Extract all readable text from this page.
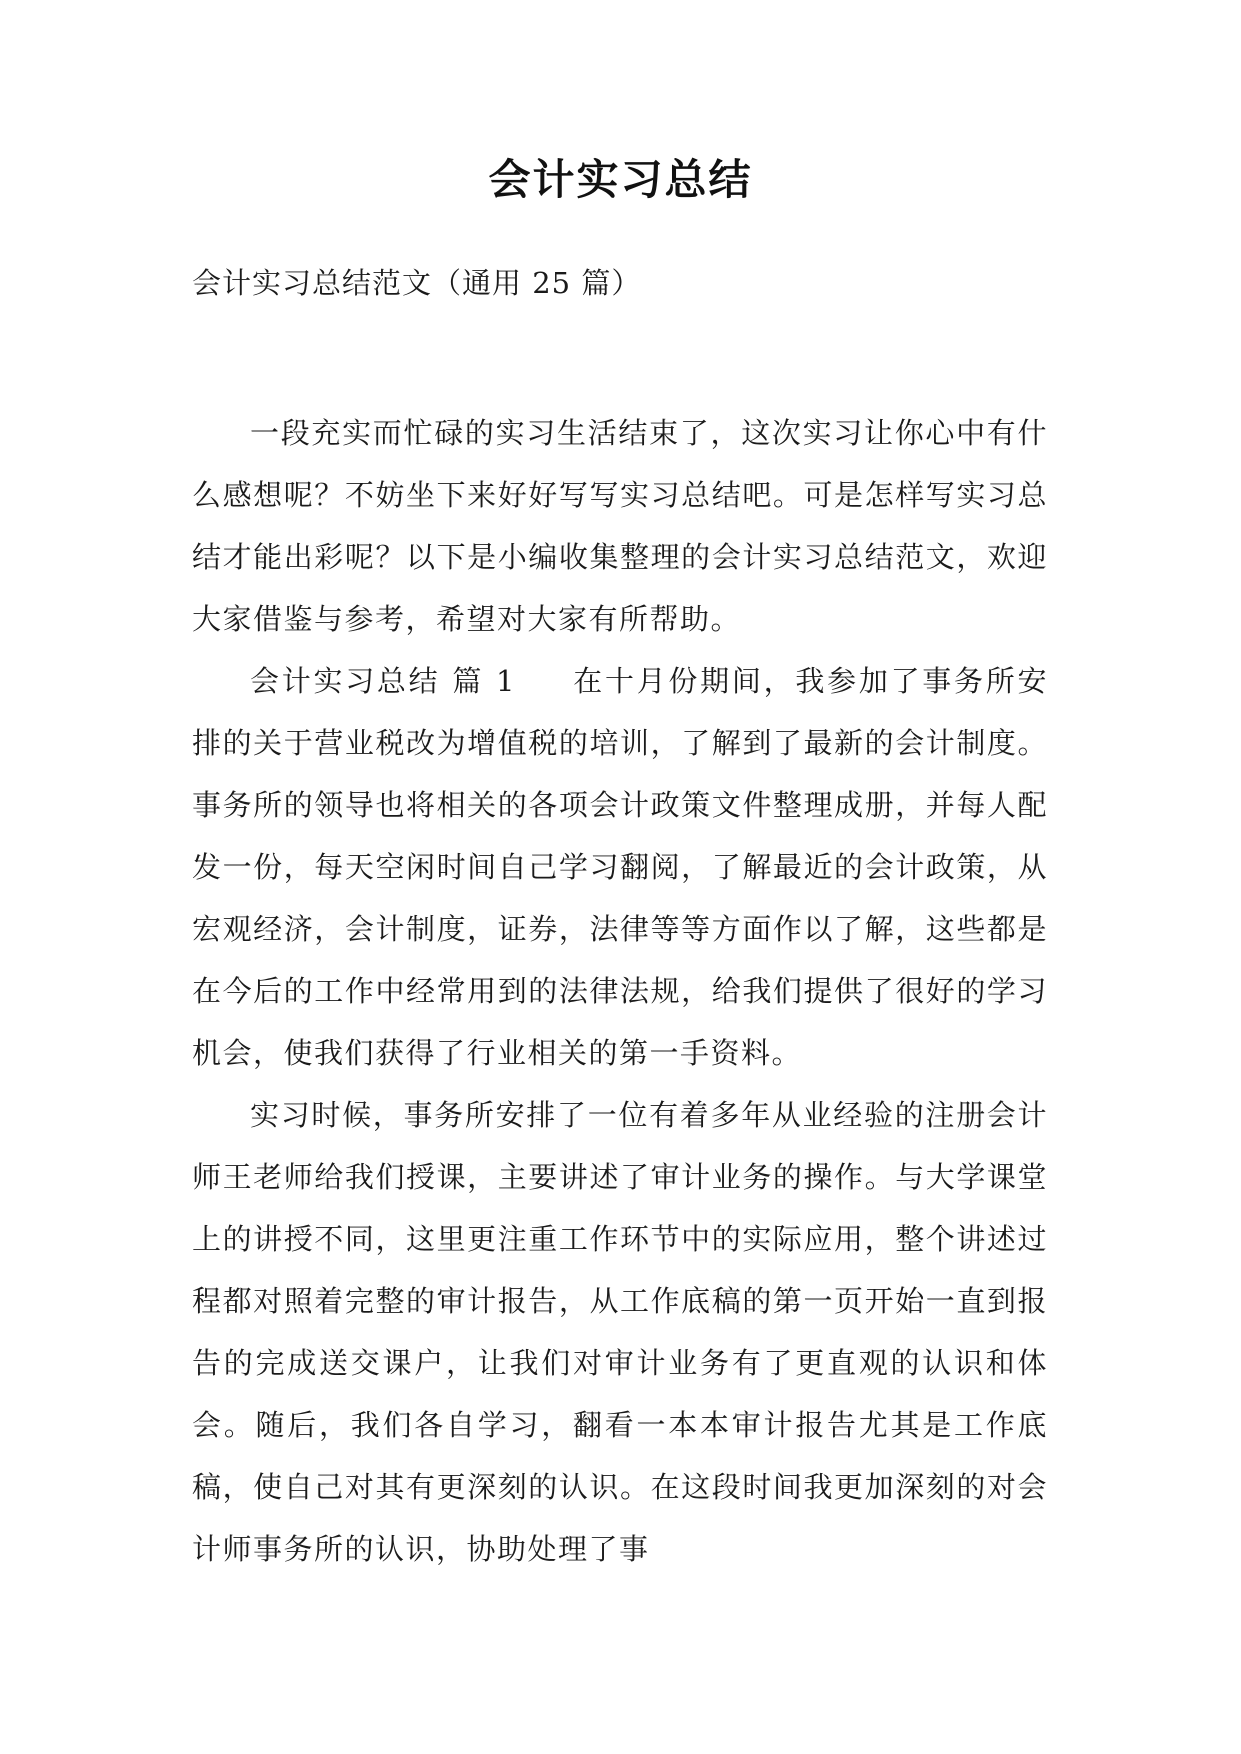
会计实习总结

会计实习总结范文（通用 25 篇）

一段充实而忙碌的实习生活结束了，这次实习让你心中有什么感想呢？不妨坐下来好好写写实习总结吧。可是怎样写实习总结才能出彩呢？以下是小编收集整理的会计实习总结范文，欢迎大家借鉴与参考，希望对大家有所帮助。

会计实习总结 篇 1 在十月份期间，我参加了事务所安排的关于营业税改为增值税的培训，了解到了最新的会计制度。事务所的领导也将相关的各项会计政策文件整理成册，并每人配发一份，每天空闲时间自己学习翻阅，了解最近的会计政策，从宏观经济，会计制度，证券，法律等等方面作以了解，这些都是在今后的工作中经常用到的法律法规，给我们提供了很好的学习机会，使我们获得了行业相关的第一手资料。

实习时候，事务所安排了一位有着多年从业经验的注册会计师王老师给我们授课，主要讲述了审计业务的操作。与大学课堂上的讲授不同，这里更注重工作环节中的实际应用，整个讲述过程都对照着完整的审计报告，从工作底稿的第一页开始一直到报告的完成送交课户，让我们对审计业务有了更直观的认识和体会。随后，我们各自学习，翻看一本本审计报告尤其是工作底稿，使自己对其有更深刻的认识。在这段时间我更加深刻的对会计师事务所的认识，协助处理了事
